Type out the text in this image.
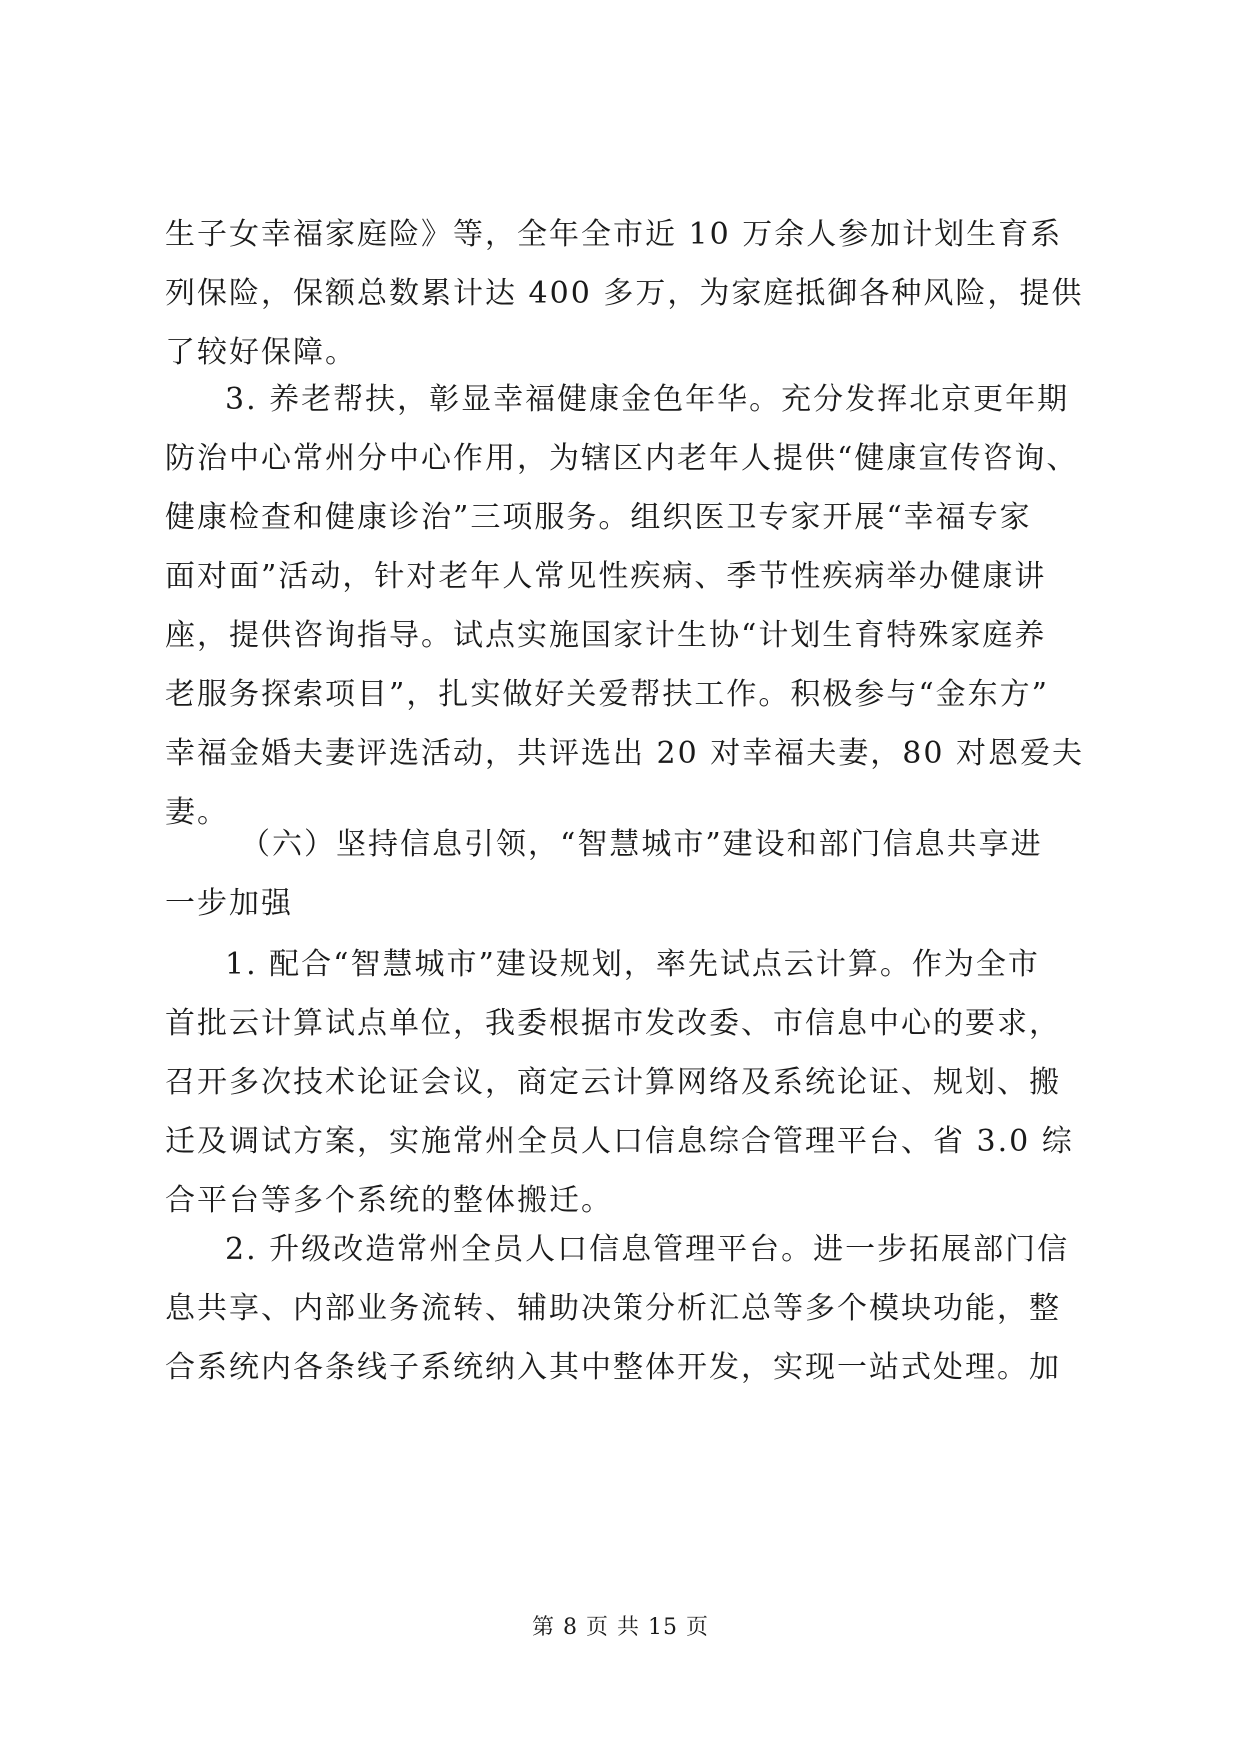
生子女幸福家庭险》等，全年全市近 10 万余人参加计划生育系
列保险，保额总数累计达 400 多万，为家庭抵御各种风险，提供
了较好保障。
3. 养老帮扶，彰显幸福健康金色年华。充分发挥北京更年期
防治中心常州分中心作用，为辖区内老年人提供“健康宣传咨询、
健康检查和健康诊治”三项服务。组织医卫专家开展“幸福专家
面对面”活动，针对老年人常见性疾病、季节性疾病举办健康讲
座，提供咨询指导。试点实施国家计生协“计划生育特殊家庭养
老服务探索项目”，扎实做好关爱帮扶工作。积极参与“金东方”
幸福金婚夫妻评选活动，共评选出 20 对幸福夫妻，80 对恩爱夫
妻。
（六）坚持信息引领，“智慧城市”建设和部门信息共享进
一步加强
1. 配合“智慧城市”建设规划，率先试点云计算。作为全市
首批云计算试点单位，我委根据市发改委、市信息中心的要求，
召开多次技术论证会议，商定云计算网络及系统论证、规划、搬
迁及调试方案，实施常州全员人口信息综合管理平台、省 3.0 综
合平台等多个系统的整体搬迁。
2. 升级改造常州全员人口信息管理平台。进一步拓展部门信
息共享、内部业务流转、辅助决策分析汇总等多个模块功能，整
合系统内各条线子系统纳入其中整体开发，实现一站式处理。加
第 8 页 共 15 页
